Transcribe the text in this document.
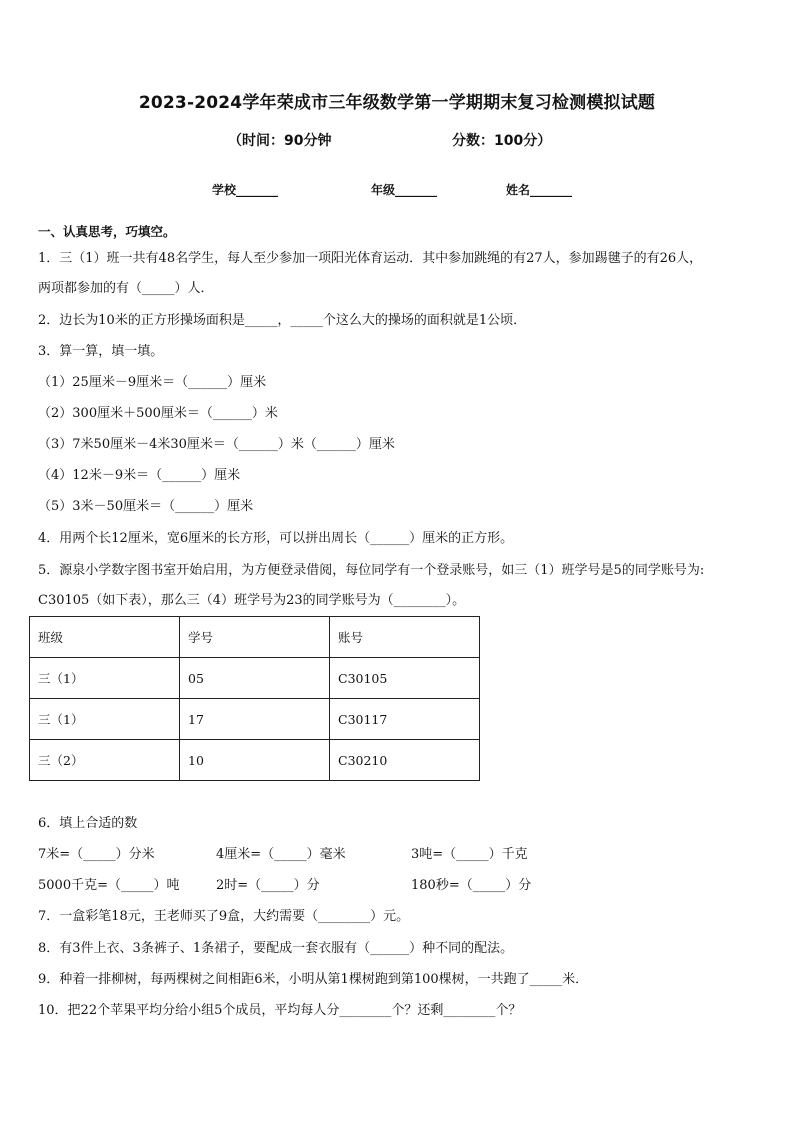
2023-2024学年荣成市三年级数学第一学期期末复习检测模拟试题
（时间：90分钟	分数：100分）
学校_______	年级_______	姓名_______
一、认真思考，巧填空。
1．三（1）班一共有48名学生，每人至少参加一项阳光体育运动．其中参加跳绳的有27人，参加踢毽子的有26人，
两项都参加的有（_____）人．
2．边长为10米的正方形操场面积是_____，_____个这么大的操场的面积就是1公顷．
3．算一算，填一填。
（1）25厘米－9厘米＝（______）厘米
（2）300厘米＋500厘米＝（______）米
（3）7米50厘米－4米30厘米＝（______）米（______）厘米
（4）12米－9米＝（______）厘米
（5）3米－50厘米＝（______）厘米
4．用两个长12厘米，宽6厘米的长方形，可以拼出周长（______）厘米的正方形。
5．源泉小学数字图书室开始启用，为方便登录借阅，每位同学有一个登录账号，如三（1）班学号是5的同学账号为:
C30105（如下表），那么三（4）班学号为23的同学账号为（________）。
班级	学号	账号
三（1）	05	C30105
三（1）	17	C30117
三（2）	10	C30210
6．填上合适的数
7米=（_____）分米	4厘米=（_____）毫米	3吨=（_____）千克
5000千克=（_____）吨	2时=（_____）分	180秒=（_____）分
7．一盒彩笔18元，王老师买了9盒，大约需要（________）元。
8．有3件上衣、3条裤子、1条裙子，要配成一套衣服有（______）种不同的配法。
9．种着一排柳树，每两棵树之间相距6米，小明从第1棵树跑到第100棵树，一共跑了_____米．
10．把22个苹果平均分给小组5个成员，平均每人分________个？还剩________个？
